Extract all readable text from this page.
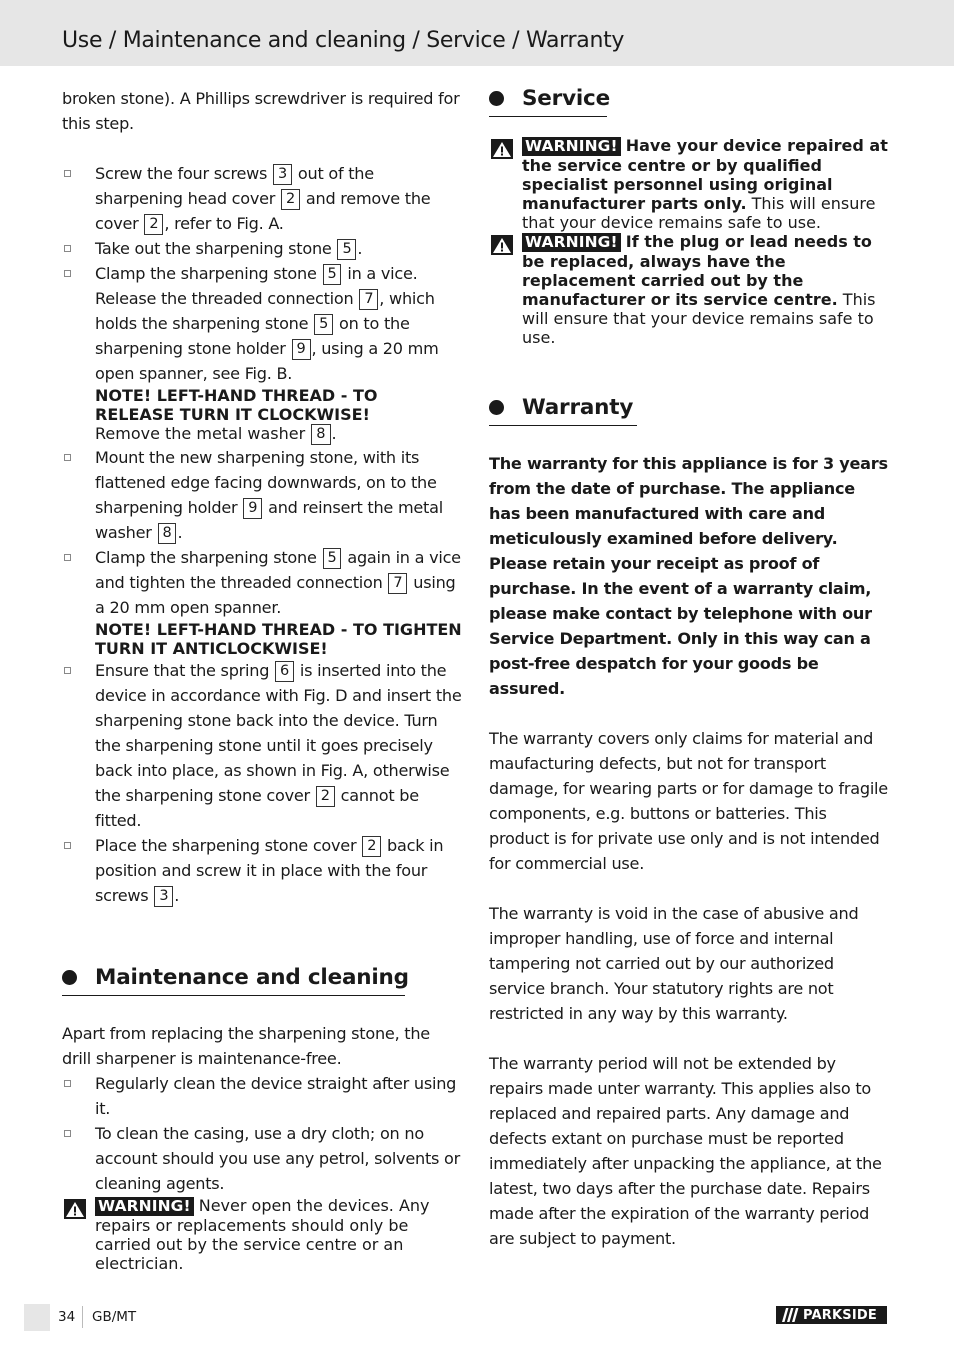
Use / Maintenance and cleaning / Service / Warranty

broken stone). A Phillips screwdriver is required for this step.

Screw the four screws 3 out of the sharpening head cover 2 and remove the cover 2 , refer to Fig. A.
Take out the sharpening stone 5 .
Clamp the sharpening stone 5 in a vice. Release the threaded connection 7 , which holds the sharpening stone 5 on to the sharpening stone holder 9 , using a 20 mm open spanner, see Fig. B.
NOTE! LEFT-HAND THREAD - TO RELEASE TURN IT CLOCKWISE!
Remove the metal washer 8 .
Mount the new sharpening stone, with its flattened edge facing downwards, on to the sharpening holder 9 and reinsert the metal washer 8 .
Clamp the sharpening stone 5 again in a vice and tighten the threaded connection 7 using a 20 mm open spanner.
NOTE! LEFT-HAND THREAD - TO TIGHTEN TURN IT ANTICLOCKWISE!
Ensure that the spring 6 is inserted into the device in accordance with Fig. D and insert the sharpening stone back into the device. Turn the sharpening stone until it goes precisely back into place, as shown in Fig. A, otherwise the sharpening stone cover 2 cannot be fitted.
Place the sharpening stone cover 2 back in position and screw it in place with the four screws 3 .
Maintenance and cleaning

Apart from replacing the sharpening stone, the drill sharpener is maintenance-free.

Regularly clean the device straight after using it.
To clean the casing, use a dry cloth; on no account should you use any petrol, solvents or cleaning agents.
WARNING! Never open the devices. Any repairs or replacements should only be carried out by the service centre or an electrician.
Service
WARNING! Have your device repaired at the service centre or by qualified specialist personnel using original manufacturer parts only. This will ensure that your device remains safe to use.
WARNING! If the plug or lead needs to be replaced, always have the replacement carried out by the manufacturer or its service centre. This will ensure that your device remains safe to use.
Warranty

The warranty for this appliance is for 3 years from the date of purchase. The appliance has been manufactured with care and meticulously examined before delivery. Please retain your receipt as proof of purchase. In the event of a warranty claim, please make contact by telephone with our Service Department. Only in this way can a post-free despatch for your goods be assured.

The warranty covers only claims for material and maufacturing defects, but not for transport damage, for wearing parts or for damage to fragile components, e.g. buttons or batteries. This product is for private use only and is not intended for commercial use.

The warranty is void in the case of abusive and improper handling, use of force and internal tampering not carried out by our authorized service branch. Your statutory rights are not restricted in any way by this warranty.

The warranty period will not be extended by repairs made unter warranty. This applies also to replaced and repaired parts. Any damage and defects extant on purchase must be reported immediately after unpacking the appliance, at the latest, two days after the purchase date. Repairs made after the expiration of the warranty period are subject to payment.

34 GB/MT	PARKSIDE
